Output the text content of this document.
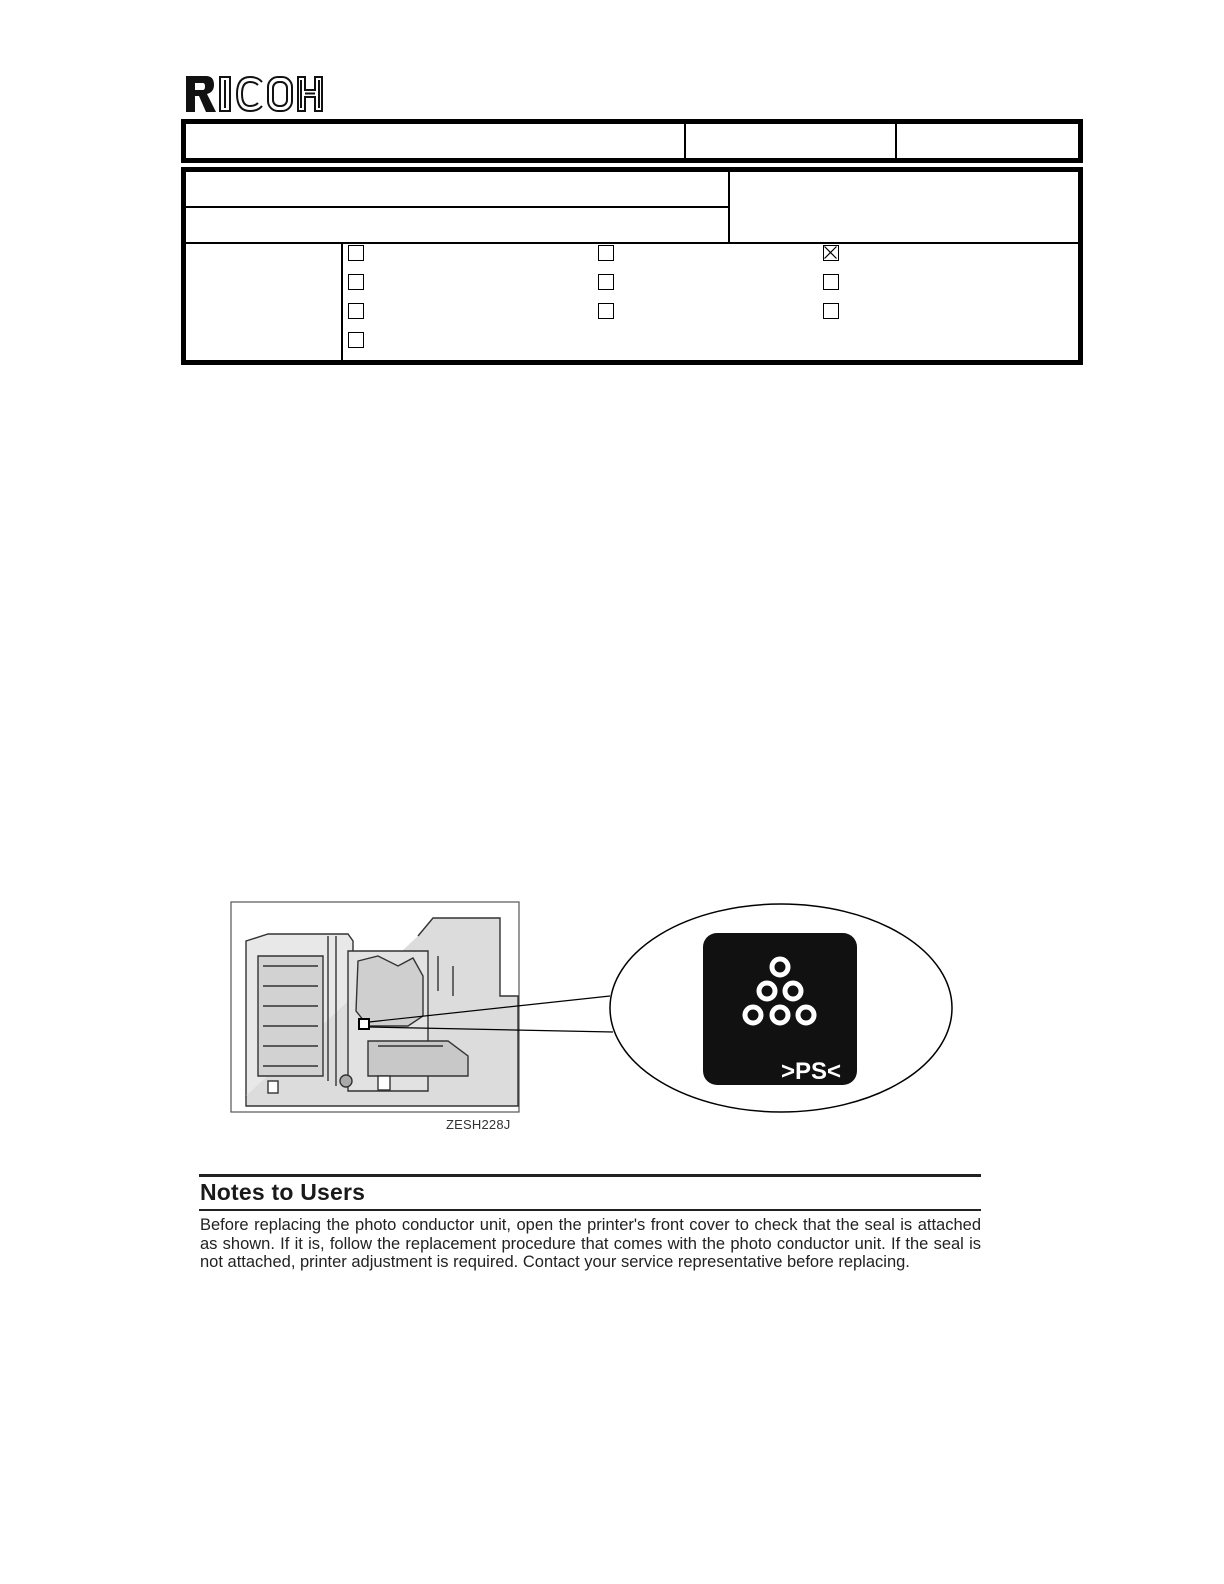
>PS<
ZESH228J
Notes to Users
Before replacing the photo conductor unit, open the printer's front cover to check that the seal is attached as shown. If it is, follow the replacement procedure that comes with the photo conductor unit. If the seal is not attached, printer adjustment is required. Contact your service representative before replacing.
